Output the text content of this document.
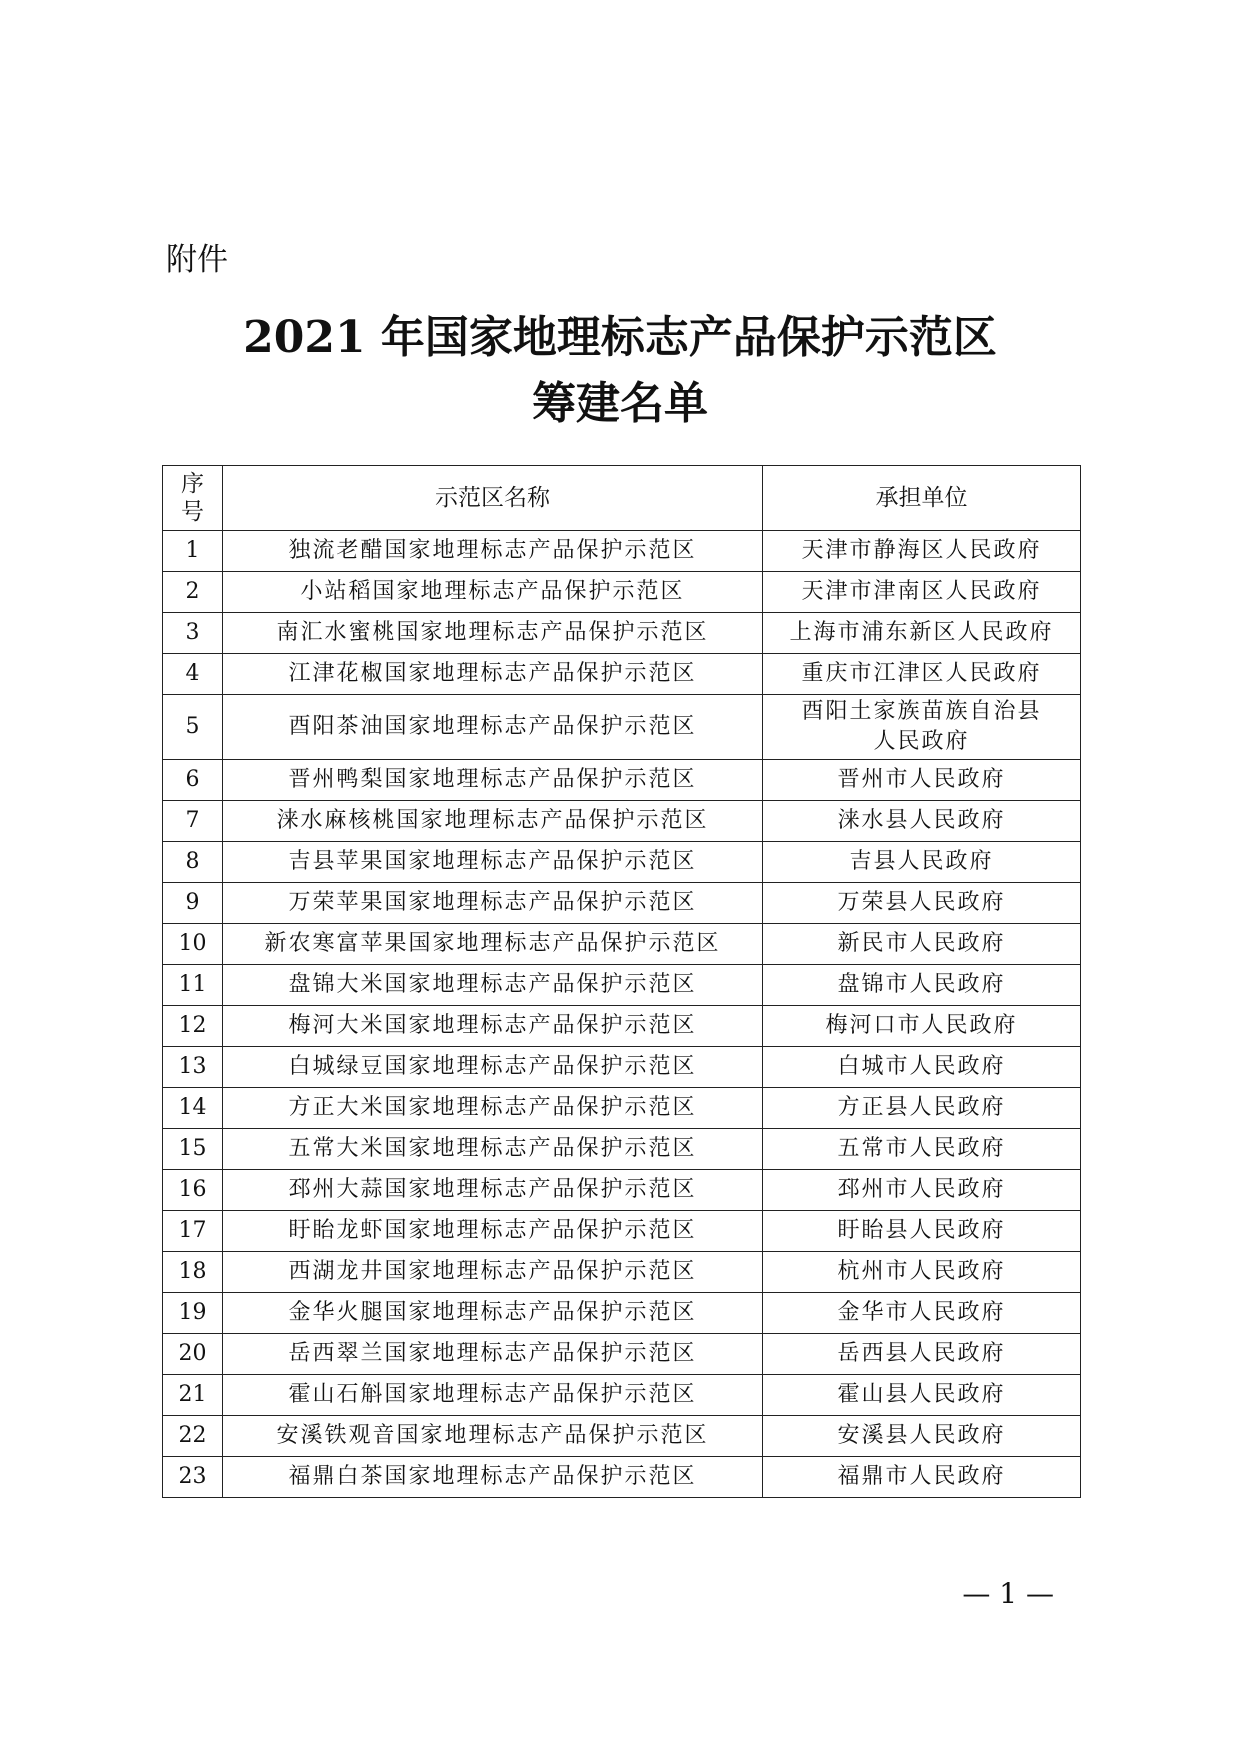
附件

2021 年国家地理标志产品保护示范区
筹建名单
序号	示范区名称	承担单位
1	独流老醋国家地理标志产品保护示范区	天津市静海区人民政府
2	小站稻国家地理标志产品保护示范区	天津市津南区人民政府
3	南汇水蜜桃国家地理标志产品保护示范区	上海市浦东新区人民政府
4	江津花椒国家地理标志产品保护示范区	重庆市江津区人民政府
5	酉阳茶油国家地理标志产品保护示范区	酉阳土家族苗族自治县人民政府
6	晋州鸭梨国家地理标志产品保护示范区	晋州市人民政府
7	涞水麻核桃国家地理标志产品保护示范区	涞水县人民政府
8	吉县苹果国家地理标志产品保护示范区	吉县人民政府
9	万荣苹果国家地理标志产品保护示范区	万荣县人民政府
10	新农寒富苹果国家地理标志产品保护示范区	新民市人民政府
11	盘锦大米国家地理标志产品保护示范区	盘锦市人民政府
12	梅河大米国家地理标志产品保护示范区	梅河口市人民政府
13	白城绿豆国家地理标志产品保护示范区	白城市人民政府
14	方正大米国家地理标志产品保护示范区	方正县人民政府
15	五常大米国家地理标志产品保护示范区	五常市人民政府
16	邳州大蒜国家地理标志产品保护示范区	邳州市人民政府
17	盱眙龙虾国家地理标志产品保护示范区	盱眙县人民政府
18	西湖龙井国家地理标志产品保护示范区	杭州市人民政府
19	金华火腿国家地理标志产品保护示范区	金华市人民政府
20	岳西翠兰国家地理标志产品保护示范区	岳西县人民政府
21	霍山石斛国家地理标志产品保护示范区	霍山县人民政府
22	安溪铁观音国家地理标志产品保护示范区	安溪县人民政府
23	福鼎白茶国家地理标志产品保护示范区	福鼎市人民政府

— 1 —
